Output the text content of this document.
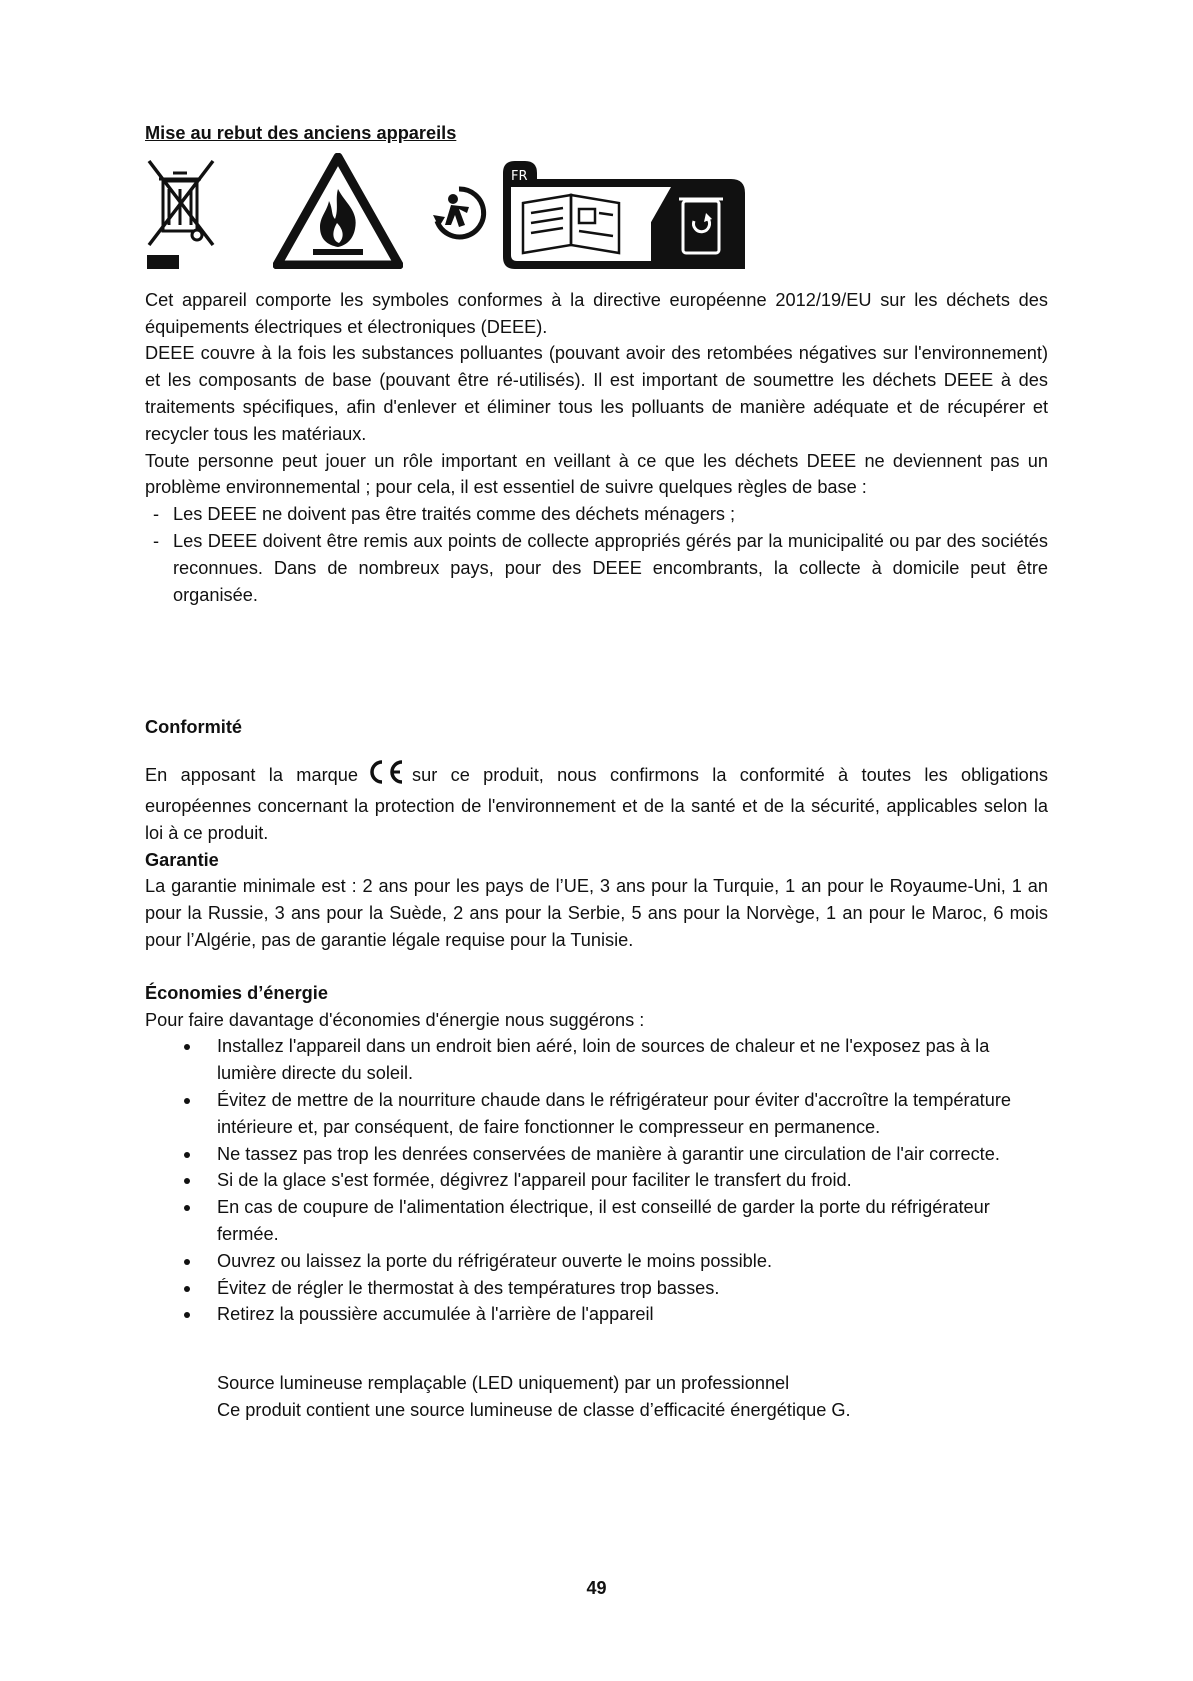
Mise au rebut des anciens appareils

FR

Cet appareil comporte les symboles conformes à la directive européenne 2012/19/EU sur les déchets des équipements électriques et électroniques (DEEE).

DEEE couvre à la fois les substances polluantes (pouvant avoir des retombées négatives sur l'environnement) et les composants de base (pouvant être ré-utilisés). Il est important de soumettre les déchets DEEE à des traitements spécifiques, afin d'enlever et éliminer tous les polluants de manière adéquate et de récupérer et recycler tous les matériaux.

Toute personne peut jouer un rôle important en veillant à ce que les déchets DEEE ne deviennent pas un problème environnemental ; pour cela, il est essentiel de suivre quelques règles de base :

- Les DEEE ne doivent pas être traités comme des déchets ménagers ;
- Les DEEE doivent être remis aux points de collecte appropriés gérés par la municipalité ou par des sociétés reconnues. Dans de nombreux pays, pour des DEEE encombrants, la collecte à domicile peut être organisée.

Conformité

En apposant la marque	sur ce produit, nous confirmons la conformité à toutes les obligations européennes concernant la protection de l'environnement et de la santé et de la sécurité, applicables selon la loi à ce produit.

Garantie

La garantie minimale est : 2 ans pour les pays de l’UE, 3 ans pour la Turquie, 1 an pour le Royaume-Uni, 1 an pour la Russie, 3 ans pour la Suède, 2 ans pour la Serbie, 5 ans pour la Norvège, 1 an pour le Maroc, 6 mois pour l’Algérie, pas de garantie légale requise pour la Tunisie.

Économies d’énergie

Pour faire davantage d'économies d'énergie nous suggérons :

Installez l'appareil dans un endroit bien aéré, loin de sources de chaleur et ne l'exposez pas à la lumière directe du soleil.
Évitez de mettre de la nourriture chaude dans le réfrigérateur pour éviter d'accroître la température intérieure et, par conséquent, de faire fonctionner le compresseur en permanence.
Ne tassez pas trop les denrées conservées de manière à garantir une circulation de l'air correcte.
Si de la glace s'est formée, dégivrez l'appareil pour faciliter le transfert du froid.
En cas de coupure de l'alimentation électrique, il est conseillé de garder la porte du réfrigérateur fermée.
Ouvrez ou laissez la porte du réfrigérateur ouverte le moins possible.
Évitez de régler le thermostat à des températures trop basses.
Retirez la poussière accumulée à l'arrière de l'appareil

Source lumineuse remplaçable (LED uniquement) par un professionnel

Ce produit contient une source lumineuse de classe d’efficacité énergétique G.

49
